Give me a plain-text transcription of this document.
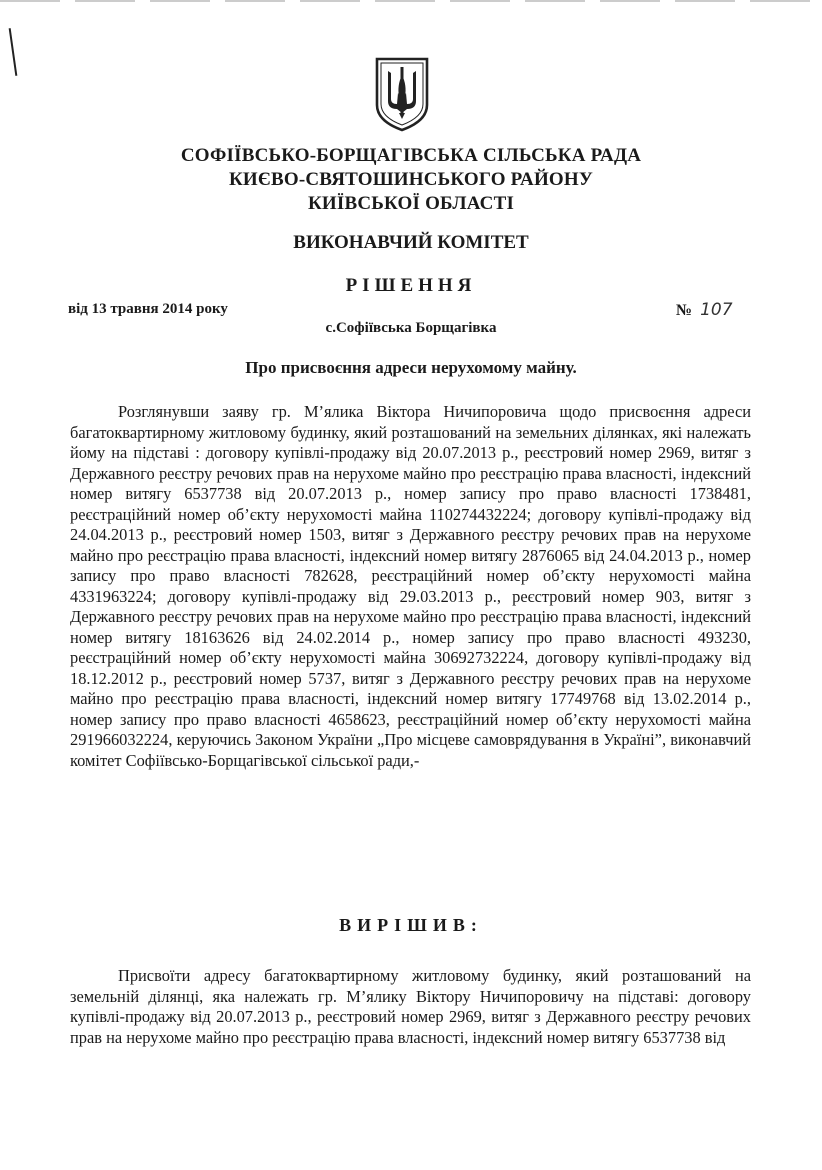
СОФІЇВСЬКО-БОРЩАГІВСЬКА СІЛЬСЬКА РАДА
КИЄВО-СВЯТОШИНСЬКОГО РАЙОНУ
КИЇВСЬКОЇ ОБЛАСТІ
ВИКОНАВЧИЙ КОМІТЕТ
РІШЕННЯ
від 13 травня 2014 року	№ 107
с.Софіївська Борщагівка
Про присвоєння адреси нерухомому майну.
Розглянувши заяву гр. М’ялика Віктора Ничипоровича щодо присвоєння адреси багатоквартирному житловому будинку, який розташований на земельних ділянках, які належать йому на підставі : договору купівлі-продажу від 20.07.2013 р., реєстровий номер 2969, витяг з Державного реєстру речових прав на нерухоме майно про реєстрацію права власності, індексний номер витягу 6537738 від 20.07.2013 р., номер запису про право власності 1738481, реєстраційний номер об’єкту нерухомості майна 110274432224; договору купівлі-продажу від 24.04.2013 р., реєстровий номер 1503, витяг з Державного реєстру речових прав на нерухоме майно про реєстрацію права власності, індексний номер витягу 2876065 від 24.04.2013 р., номер запису про право власності 782628, реєстраційний номер об’єкту нерухомості майна 4331963224; договору купівлі-продажу від 29.03.2013 р., реєстровий номер 903, витяг з Державного реєстру речових прав на нерухоме майно про реєстрацію права власності, індексний номер витягу 18163626 від 24.02.2014 р., номер запису про право власності 493230, реєстраційний номер об’єкту нерухомості майна 30692732224, договору купівлі-продажу від 18.12.2012 р., реєстровий номер 5737, витяг з Державного реєстру речових прав на нерухоме майно про реєстрацію права власності, індексний номер витягу 17749768 від 13.02.2014 р., номер запису про право власності 4658623, реєстраційний номер об’єкту нерухомості майна 291966032224, керуючись Законом України „Про місцеве самоврядування в Україні”, виконавчий комітет Софіївсько-Борщагівської сільської ради,-
ВИРІШИВ:
Присвоїти адресу багатоквартирному житловому будинку, який розташований на земельній ділянці, яка належать гр. М’ялику Віктору Ничипоровичу на підставі: договору купівлі-продажу від 20.07.2013 р., реєстровий номер 2969, витяг з Державного реєстру речових прав на нерухоме майно про реєстрацію права власності, індексний номер витягу 6537738 від
